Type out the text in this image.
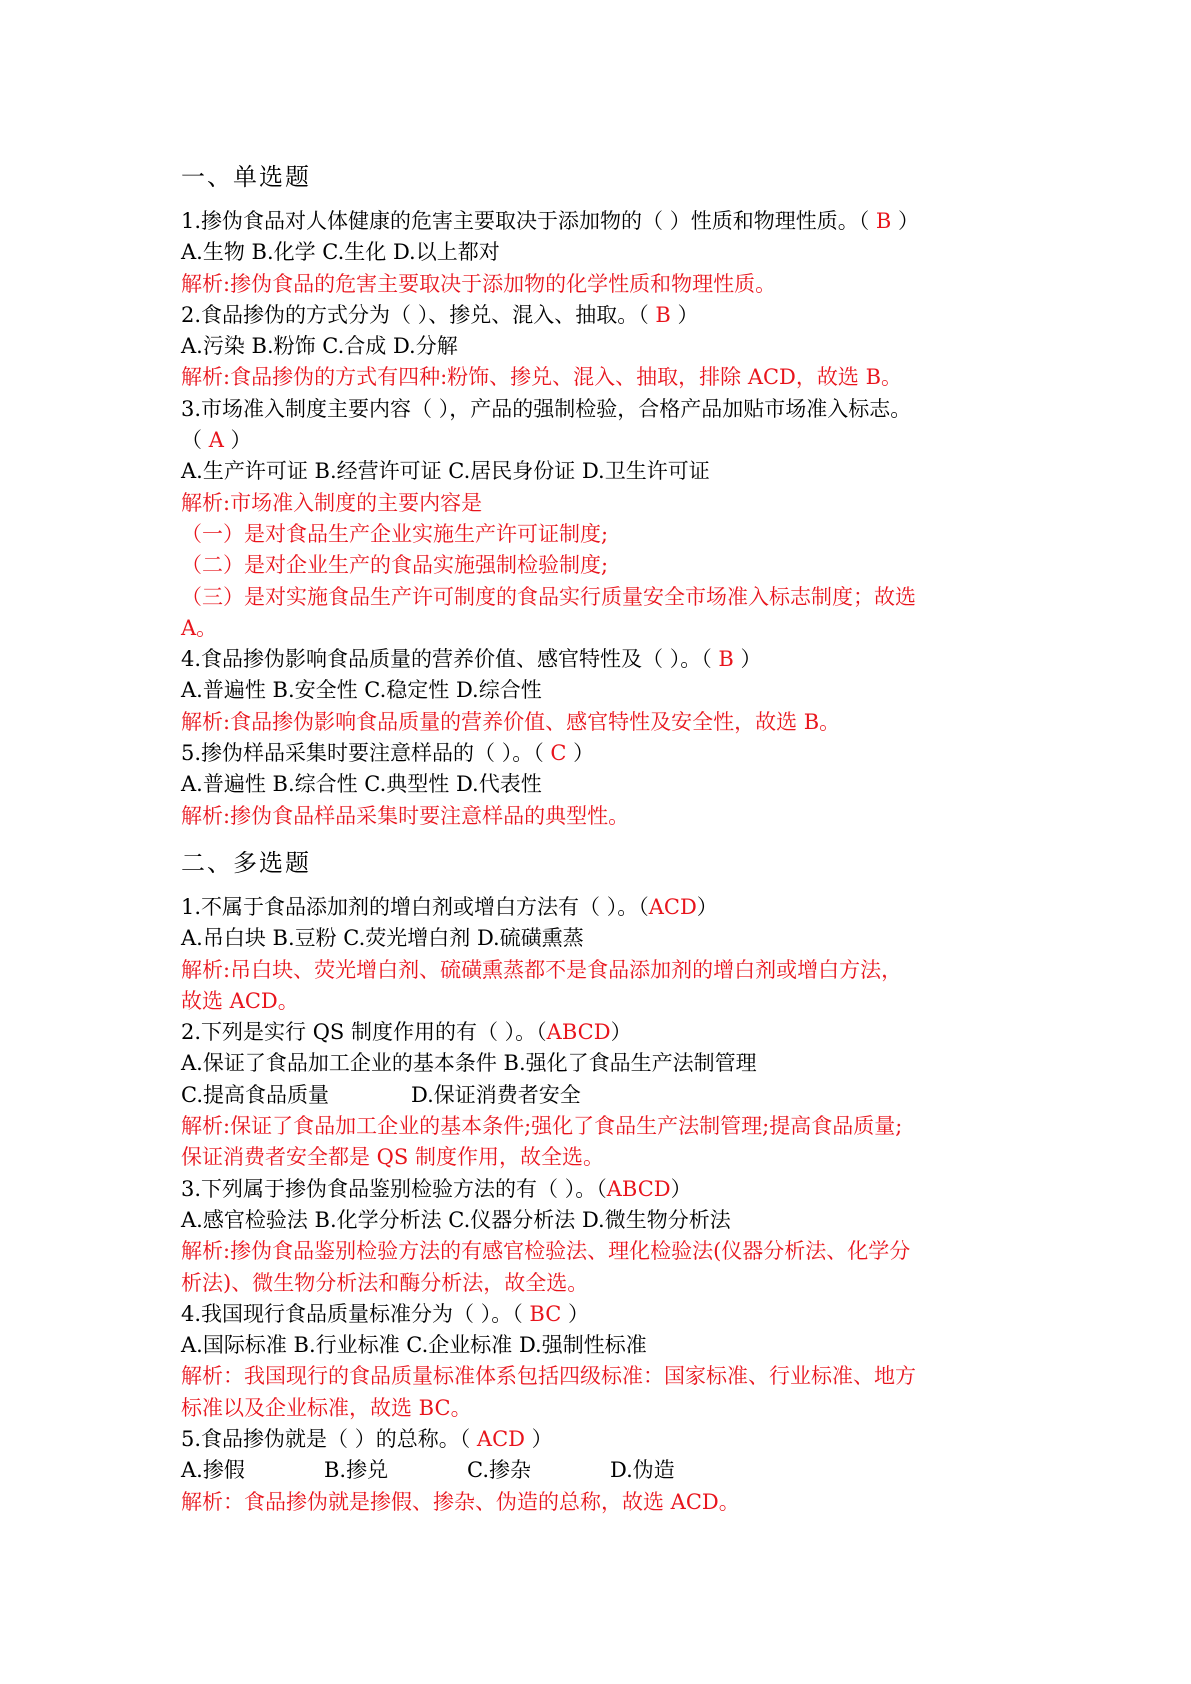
一、单选题
1.掺伪食品对人体健康的危害主要取决于添加物的（ ）性质和物理性质。（ B ）
A.生物 B.化学 C.生化 D.以上都对
解析:掺伪食品的危害主要取决于添加物的化学性质和物理性质。
2.食品掺伪的方式分为（ ）、掺兑、混入、抽取。（ B ）
A.污染 B.粉饰 C.合成 D.分解
解析:食品掺伪的方式有四种:粉饰、掺兑、混入、抽取，排除 ACD，故选 B。
3.市场准入制度主要内容（ ），产品的强制检验，合格产品加贴市场准入标志。
（ A ）
A.生产许可证 B.经营许可证 C.居民身份证 D.卫生许可证
解析:市场准入制度的主要内容是
（一）是对食品生产企业实施生产许可证制度;
（二）是对企业生产的食品实施强制检验制度;
（三）是对实施食品生产许可制度的食品实行质量安全市场准入标志制度；故选
A。
4.食品掺伪影响食品质量的营养价值、感官特性及（ ）。（ B ）
A.普遍性 B.安全性 C.稳定性 D.综合性
解析:食品掺伪影响食品质量的营养价值、感官特性及安全性，故选 B。
5.掺伪样品采集时要注意样品的（ ）。（ C ）
A.普遍性 B.综合性 C.典型性 D.代表性
解析:掺伪食品样品采集时要注意样品的典型性。
二、多选题
1.不属于食品添加剂的增白剂或增白方法有（ ）。（ACD）
A.吊白块 B.豆粉 C.荧光增白剂 D.硫磺熏蒸
解析:吊白块、荧光增白剂、硫磺熏蒸都不是食品添加剂的增白剂或增白方法，
故选 ACD。
2.下列是实行 QS 制度作用的有（ ）。（ABCD）
A.保证了食品加工企业的基本条件 B.强化了食品生产法制管理
C.提高食品质量	D.保证消费者安全
解析:保证了食品加工企业的基本条件;强化了食品生产法制管理;提高食品质量;
保证消费者安全都是 QS 制度作用，故全选。
3.下列属于掺伪食品鉴别检验方法的有（ ）。（ABCD）
A.感官检验法 B.化学分析法 C.仪器分析法 D.微生物分析法
解析:掺伪食品鉴别检验方法的有感官检验法、理化检验法(仪器分析法、化学分
析法)、微生物分析法和酶分析法，故全选。
4.我国现行食品质量标准分为（ ）。（ BC ）
A.国际标准 B.行业标准 C.企业标准 D.强制性标准
解析：我国现行的食品质量标准体系包括四级标准：国家标准、行业标准、地方
标准以及企业标准，故选 BC。
5.食品掺伪就是（ ）的总称。（ ACD ）
A.掺假	B.掺兑	C.掺杂	D.伪造
解析：食品掺伪就是掺假、掺杂、伪造的总称，故选 ACD。
